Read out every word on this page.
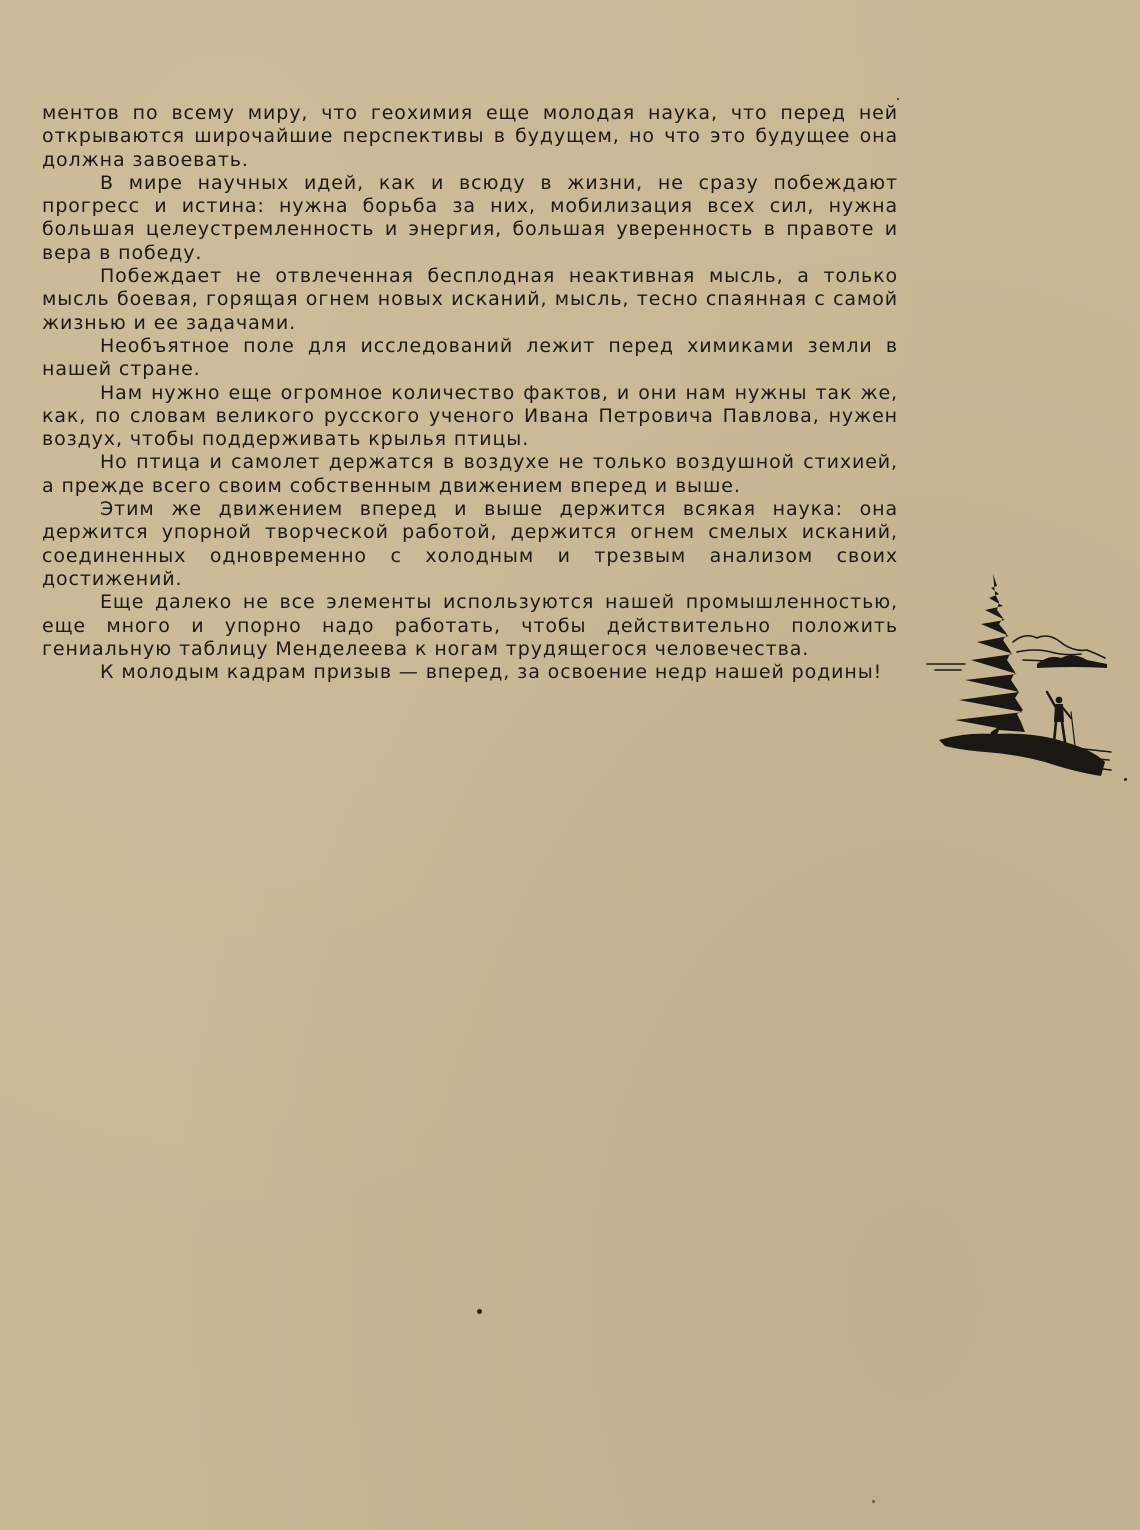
ментов по всему миру, что геохимия еще молодая наука, что перед ней открываются широчайшие перспективы в будущем, но что это будущее она должна завоевать.

В мире научных идей, как и всюду в жизни, не сразу побеждают прогресс и истина: нужна борьба за них, мобилизация всех сил, нужна большая целеустремленность и энергия, большая уверенность в правоте и вера в победу.

Побеждает не отвлеченная бесплодная неактивная мысль, а только мысль боевая, горящая огнем новых исканий, мысль, тесно спаянная с самой жизнью и ее задачами.

Необъятное поле для исследований лежит перед химиками земли в нашей стране.

Нам нужно еще огромное количество фактов, и они нам нужны так же, как, по словам великого русского ученого Ивана Петровича Павлова, нужен воздух, чтобы поддерживать крылья птицы.

Но птица и самолет держатся в воздухе не только воздушной стихией, а прежде всего своим собственным движением вперед и выше.

Этим же движением вперед и выше держится всякая наука: она держится упорной творческой работой, держится огнем смелых исканий, соединенных одновременно с холодным и трезвым анализом своих достижений.

Еще далеко не все элементы используются нашей промышленностью, еще много и упорно надо работать, чтобы действительно положить гениальную таблицу Менделеева к ногам трудящегося человечества.

К молодым кадрам призыв — вперед, за освоение недр нашей родины!
